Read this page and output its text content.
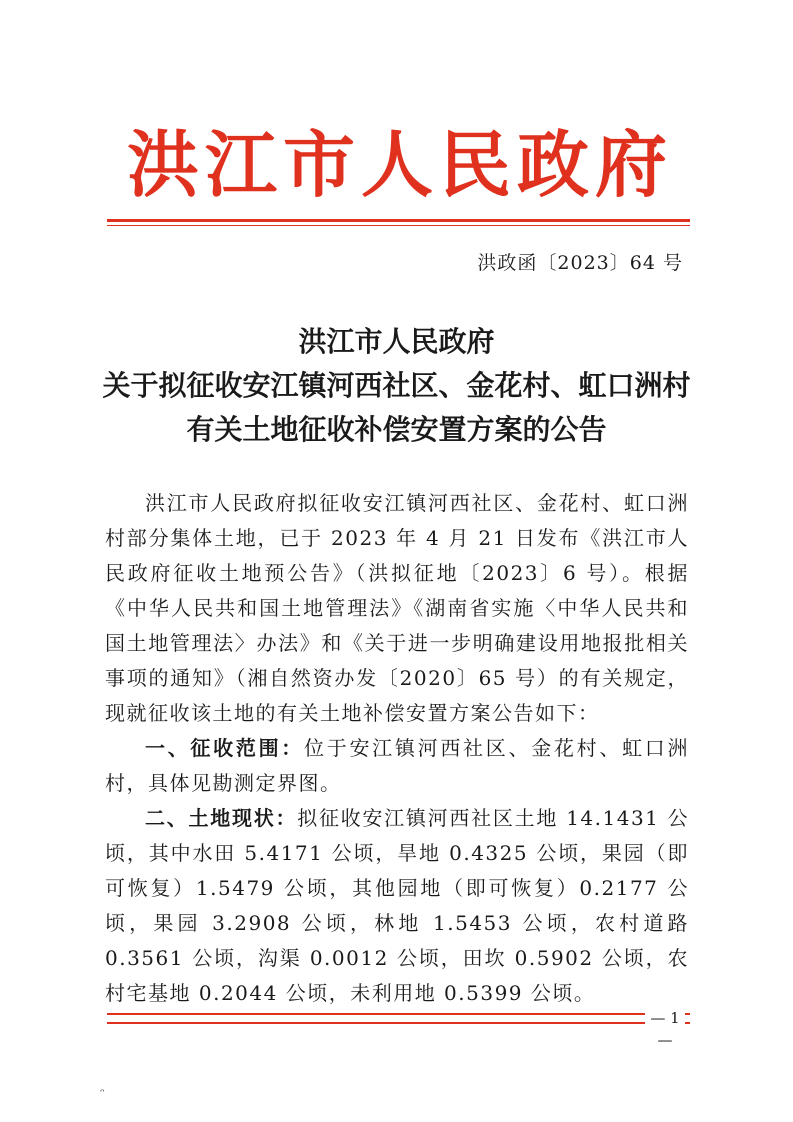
洪江市人民政府
洪政函〔2023〕64 号
洪江市人民政府
关于拟征收安江镇河西社区、金花村、虹口洲村
有关土地征收补偿安置方案的公告

洪江市人民政府拟征收安江镇河西社区、金花村、虹口洲村部分集体土地，已于 2023 年 4 月 21 日发布《洪江市人民政府征收土地预公告》（洪拟征地〔2023〕6 号）。根据《中华人民共和国土地管理法》《湖南省实施〈中华人民共和国土地管理法〉办法》和《关于进一步明确建设用地报批相关事项的通知》（湘自然资办发〔2020〕65 号）的有关规定，现就征收该土地的有关土地补偿安置方案公告如下：

一、征收范围：位于安江镇河西社区、金花村、虹口洲村，具体见勘测定界图。

二、土地现状：拟征收安江镇河西社区土地 14.1431 公顷，其中水田 5.4171 公顷，旱地 0.4325 公顷，果园（即可恢复）1.5479 公顷，其他园地（即可恢复）0.2177 公顷，果园 3.2908 公顷，林地 1.5453 公顷，农村道路 0.3561 公顷，沟渠 0.0012 公顷，田坎 0.5902 公顷，农村宅基地 0.2044 公顷，未利用地 0.5399 公顷。

— 1 —
ᵔ
